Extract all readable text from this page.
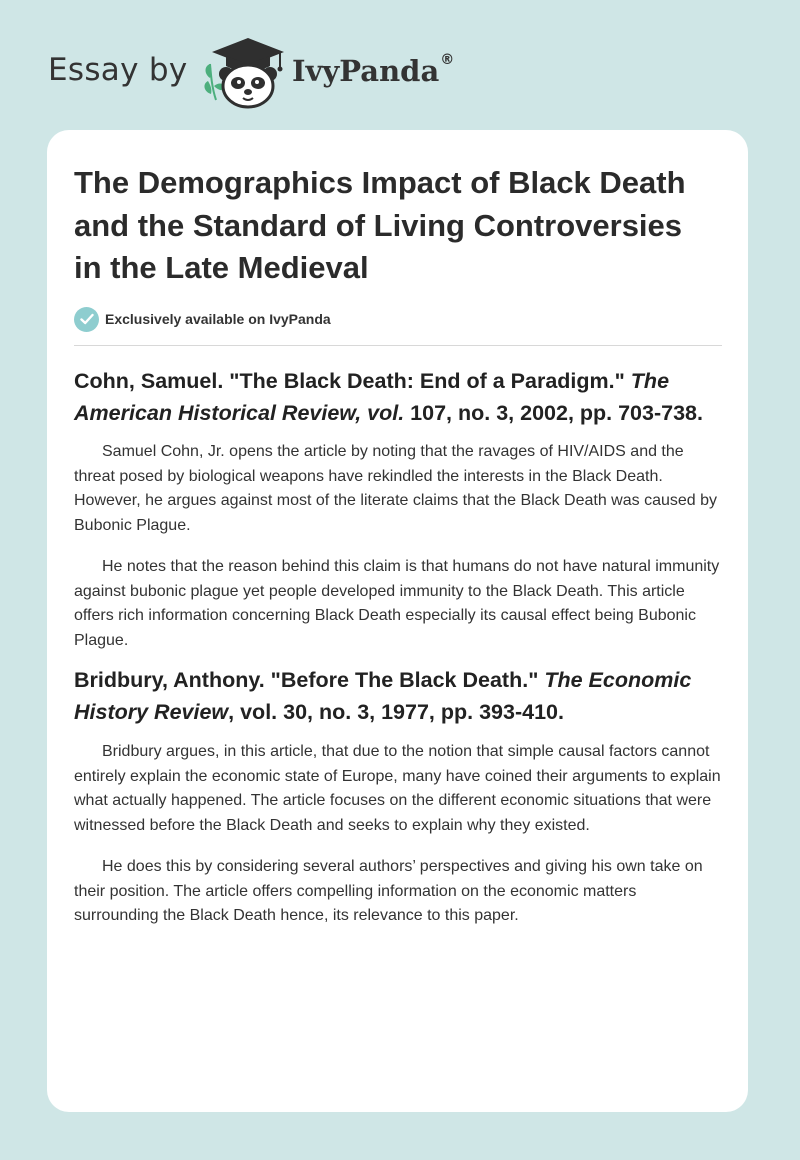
Essay by	IvyPanda®
The Demographics Impact of Black Death and the Standard of Living Controversies in the Late Medieval
Exclusively available on IvyPanda
Cohn, Samuel. "The Black Death: End of a Paradigm." The American Historical Review, vol. 107, no. 3, 2002, pp. 703-738.

Samuel Cohn, Jr. opens the article by noting that the ravages of HIV/AIDS and the threat posed by biological weapons have rekindled the interests in the Black Death. However, he argues against most of the literate claims that the Black Death was caused by Bubonic Plague.

He notes that the reason behind this claim is that humans do not have natural immunity against bubonic plague yet people developed immunity to the Black Death. This article offers rich information concerning Black Death especially its causal effect being Bubonic Plague.

Bridbury, Anthony. "Before The Black Death." The Economic History Review, vol. 30, no. 3, 1977, pp. 393-410.

Bridbury argues, in this article, that due to the notion that simple causal factors cannot entirely explain the economic state of Europe, many have coined their arguments to explain what actually happened. The article focuses on the different economic situations that were witnessed before the Black Death and seeks to explain why they existed.

He does this by considering several authors’ perspectives and giving his own take on their position. The article offers compelling information on the economic matters surrounding the Black Death hence, its relevance to this paper.
